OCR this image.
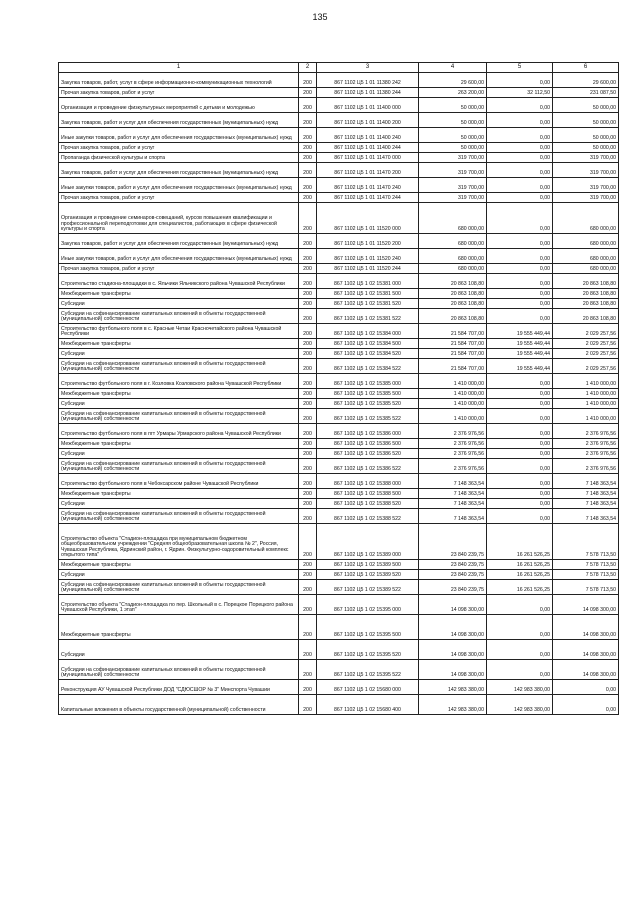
135
1	2	3	4	5	6
Закупка товаров, работ, услуг в сфере информационно-коммуникационных технологий	200	867 1102 Ц5 1 01 11380 242	29 600,00	0,00	29 600,00
Прочая закупка товаров, работ и услуг	200	867 1102 Ц5 1 01 11380 244	263 200,00	32 112,50	231 087,50
Организация и проведение физкультурных мероприятий с детьми и молодежью	200	867 1102 Ц5 1 01 11400 000	50 000,00	0,00	50 000,00
Закупка товаров, работ и услуг для обеспечения государственных (муниципальных) нужд	200	867 1102 Ц5 1 01 11400 200	50 000,00	0,00	50 000,00
Иные закупки товаров, работ и услуг для обеспечения государственных (муниципальных) нужд	200	867 1102 Ц5 1 01 11400 240	50 000,00	0,00	50 000,00
Прочая закупка товаров, работ и услуг	200	867 1102 Ц5 1 01 11400 244	50 000,00	0,00	50 000,00
Пропаганда физической культуры и спорта	200	867 1102 Ц5 1 01 11470 000	319 700,00	0,00	319 700,00
Закупка товаров, работ и услуг для обеспечения государственных (муниципальных) нужд	200	867 1102 Ц5 1 01 11470 200	319 700,00	0,00	319 700,00
Иные закупки товаров, работ и услуг для обеспечения государственных (муниципальных) нужд	200	867 1102 Ц5 1 01 11470 240	319 700,00	0,00	319 700,00
Прочая закупка товаров, работ и услуг	200	867 1102 Ц5 1 01 11470 244	319 700,00	0,00	319 700,00
Организация и проведение семинаров-совещаний, курсов повышения квалификации и профессиональной переподготовки для специалистов, работающих в сфере физической культуры и спорта	200	867 1102 Ц5 1 01 11520 000	680 000,00	0,00	680 000,00
Закупка товаров, работ и услуг для обеспечения государственных (муниципальных) нужд	200	867 1102 Ц5 1 01 11520 200	680 000,00	0,00	680 000,00
Иные закупки товаров, работ и услуг для обеспечения государственных (муниципальных) нужд	200	867 1102 Ц5 1 01 11520 240	680 000,00	0,00	680 000,00
Прочая закупка товаров, работ и услуг	200	867 1102 Ц5 1 01 11520 244	680 000,00	0,00	680 000,00
Строительство стадиона-площадки в с. Яльчики Яльчикского района Чувашской Республики	200	867 1102 Ц5 1 02 15381 000	20 863 108,80	0,00	20 863 108,80
Межбюджетные трансферты	200	867 1102 Ц5 1 02 15381 500	20 863 108,80	0,00	20 863 108,80
Субсидии	200	867 1102 Ц5 1 02 15381 520	20 863 108,80	0,00	20 863 108,80
Субсидии на софинансирование капитальных вложений в объекты государственной (муниципальной) собственности	200	867 1102 Ц5 1 02 15381 522	20 863 108,80	0,00	20 863 108,80
Строительство футбольного поля в с. Красные Четаи Красночетайского района Чувашской Республики	200	867 1102 Ц5 1 02 15384 000	21 584 707,00	19 555 449,44	2 029 257,56
Межбюджетные трансферты	200	867 1102 Ц5 1 02 15384 500	21 584 707,00	19 555 449,44	2 029 257,56
Субсидии	200	867 1102 Ц5 1 02 15384 520	21 584 707,00	19 555 449,44	2 029 257,56
Субсидии на софинансирование капитальных вложений в объекты государственной (муниципальной) собственности	200	867 1102 Ц5 1 02 15384 522	21 584 707,00	19 555 449,44	2 029 257,56
Строительство футбольного поля в г. Козловка Козловского района Чувашской Республики	200	867 1102 Ц5 1 02 15385 000	1 410 000,00	0,00	1 410 000,00
Межбюджетные трансферты	200	867 1102 Ц5 1 02 15385 500	1 410 000,00	0,00	1 410 000,00
Субсидии	200	867 1102 Ц5 1 02 15385 520	1 410 000,00	0,00	1 410 000,00
Субсидии на софинансирование капитальных вложений в объекты государственной (муниципальной) собственности	200	867 1102 Ц5 1 02 15385 522	1 410 000,00	0,00	1 410 000,00
Строительство футбольного поля в пгт Урмары Урмарского района Чувашской Республики	200	867 1102 Ц5 1 02 15386 000	2 376 976,56	0,00	2 376 976,56
Межбюджетные трансферты	200	867 1102 Ц5 1 02 15386 500	2 376 976,56	0,00	2 376 976,56
Субсидии	200	867 1102 Ц5 1 02 15386 520	2 376 976,56	0,00	2 376 976,56
Субсидии на софинансирование капитальных вложений в объекты государственной (муниципальной) собственности	200	867 1102 Ц5 1 02 15386 522	2 376 976,56	0,00	2 376 976,56
Строительство футбольного поля в Чебоксарском районе Чувашской Республики	200	867 1102 Ц5 1 02 15388 000	7 148 363,54	0,00	7 148 363,54
Межбюджетные трансферты	200	867 1102 Ц5 1 02 15388 500	7 148 363,54	0,00	7 148 363,54
Субсидии	200	867 1102 Ц5 1 02 15388 520	7 148 363,54	0,00	7 148 363,54
Субсидии на софинансирование капитальных вложений в объекты государственной (муниципальной) собственности	200	867 1102 Ц5 1 02 15388 522	7 148 363,54	0,00	7 148 363,54
Строительство объекта "Стадион-площадка при муниципальном бюджетном общеобразовательном учреждении "Средняя общеобразовательная школа № 2", Россия, Чувашская Республика, Ядринский район, г. Ядрин. Физкультурно-оздоровительный комплекс открытого типа"	200	867 1102 Ц5 1 02 15389 000	23 840 239,75	16 261 526,25	7 578 713,50
Межбюджетные трансферты	200	867 1102 Ц5 1 02 15389 500	23 840 239,75	16 261 526,25	7 578 713,50
Субсидии	200	867 1102 Ц5 1 02 15389 520	23 840 239,75	16 261 526,25	7 578 713,50
Субсидии на софинансирование капитальных вложений в объекты государственной (муниципальной) собственности	200	867 1102 Ц5 1 02 15389 522	23 840 239,75	16 261 526,25	7 578 713,50
Строительство объекта "Стадион-площадка по пер. Школьный в с. Порецкое Порецкого района Чувашской Республики, 1 этап"	200	867 1102 Ц5 1 02 15395 000	14 098 300,00	0,00	14 098 300,00
Межбюджетные трансферты	200	867 1102 Ц5 1 02 15395 500	14 098 300,00	0,00	14 098 300,00
Субсидии	200	867 1102 Ц5 1 02 15395 520	14 098 300,00	0,00	14 098 300,00
Субсидии на софинансирование капитальных вложений в объекты государственной (муниципальной) собственности	200	867 1102 Ц5 1 02 15395 522	14 098 300,00	0,00	14 098 300,00
Реконструкция АУ Чувашской Республики ДОД "СДЮСШОР № 3" Минспорта Чувашии	200	867 1102 Ц5 1 02 15680 000	142 983 380,00	142 983 380,00	0,00
Капитальные вложения в объекты государственной (муниципальной) собственности	200	867 1102 Ц5 1 02 15680 400	142 983 380,00	142 983 380,00	0,00
